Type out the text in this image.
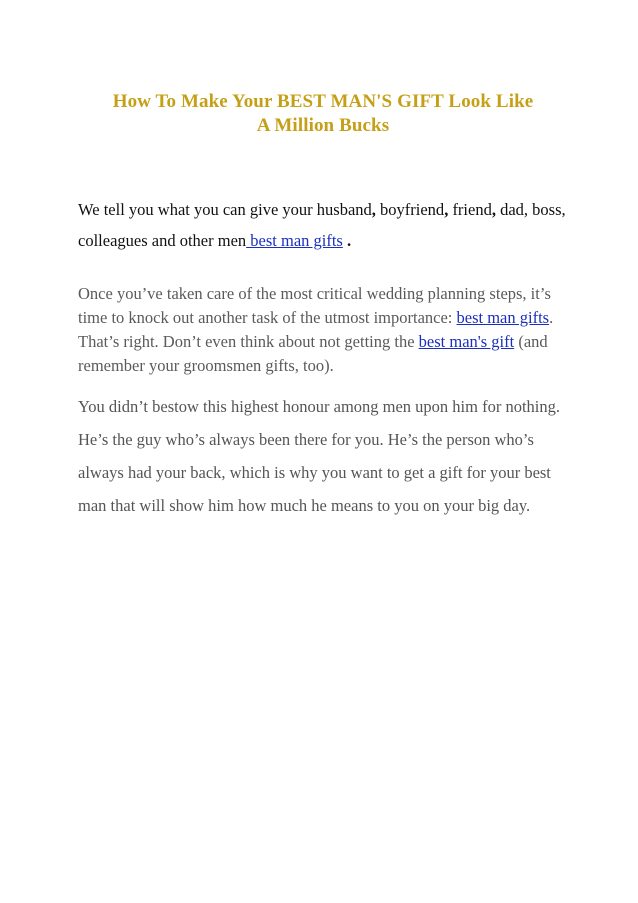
How To Make Your BEST MAN'S GIFT Look Like
A Million Bucks

We tell you what you can give your husband, boyfriend, friend, dad, boss, colleagues and other men best man gifts .

Once you’ve taken care of the most critical wedding planning steps, it’s time to knock out another task of the utmost importance: best man gifts. That’s right. Don’t even think about not getting the best man's gift (and remember your groomsmen gifts, too).

You didn’t bestow this highest honour among men upon him for nothing. He’s the guy who’s always been there for you. He’s the person who’s always had your back, which is why you want to get a gift for your best man that will show him how much he means to you on your big day.
